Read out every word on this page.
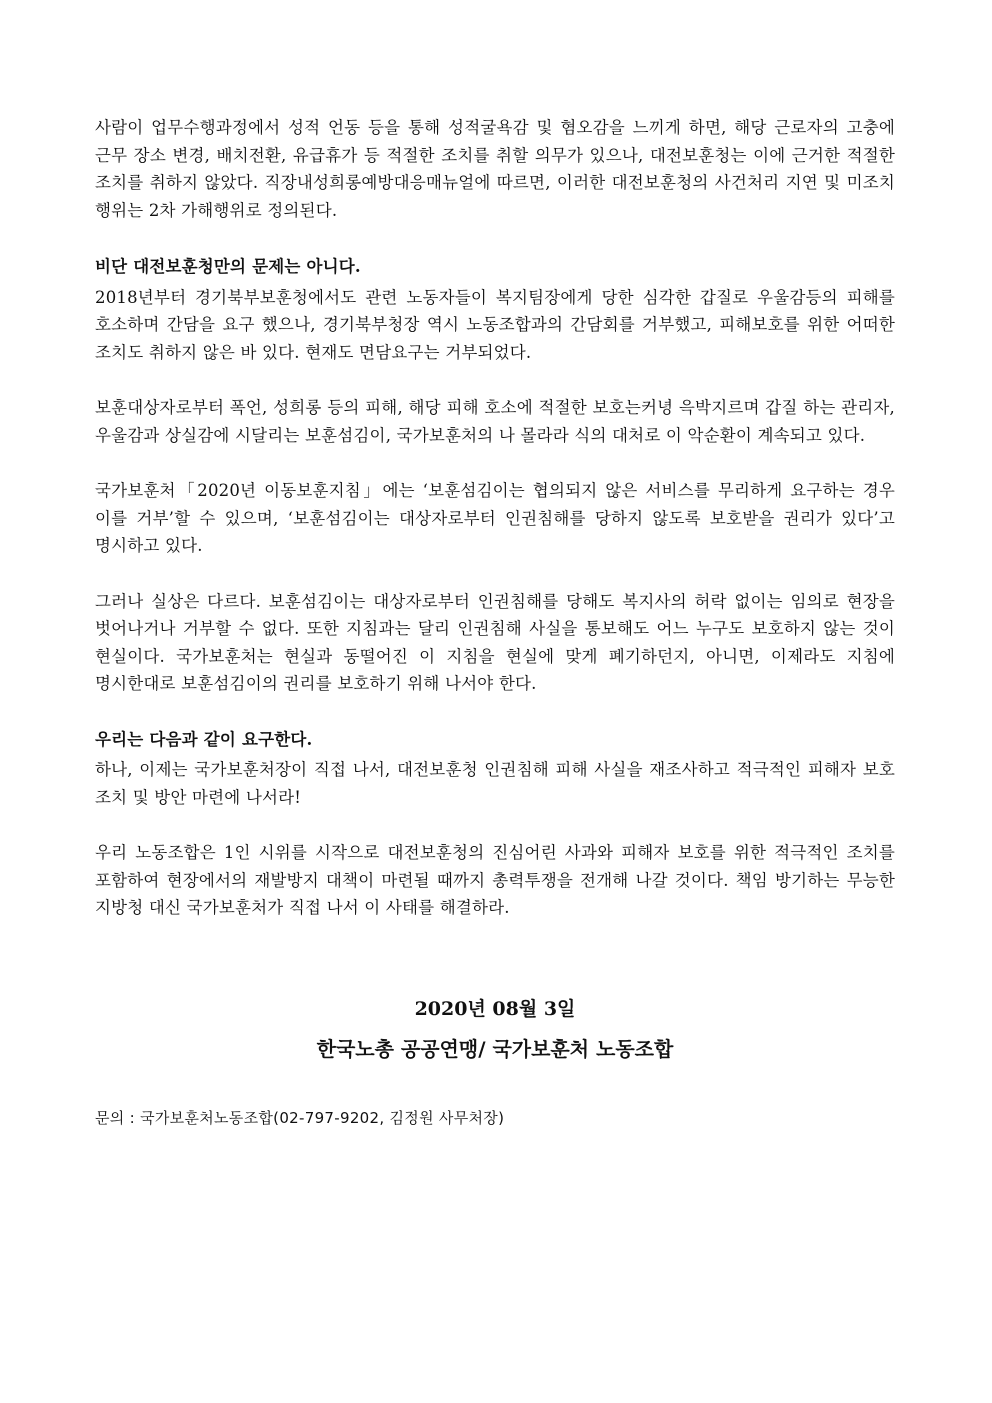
사람이 업무수행과정에서 성적 언동 등을 통해 성적굴욕감 및 혐오감을 느끼게 하면, 해당 근로자의 고충에 근무 장소 변경, 배치전환, 유급휴가 등 적절한 조치를 취할 의무가 있으나, 대전보훈청는 이에 근거한 적절한 조치를 취하지 않았다. 직장내성희롱예방대응매뉴얼에 따르면, 이러한 대전보훈청의 사건처리 지연 및 미조치 행위는 2차 가해행위로 정의된다.

비단 대전보훈청만의 문제는 아니다.

2018년부터 경기북부보훈청에서도 관련 노동자들이 복지팀장에게 당한 심각한 갑질로 우울감등의 피해를 호소하며 간담을 요구 했으나, 경기북부청장 역시 노동조합과의 간담회를 거부했고, 피해보호를 위한 어떠한 조치도 취하지 않은 바 있다. 현재도 면담요구는 거부되었다.

보훈대상자로부터 폭언, 성희롱 등의 피해, 해당 피해 호소에 적절한 보호는커녕 윽박지르며 갑질 하는 관리자, 우울감과 상실감에 시달리는 보훈섬김이, 국가보훈처의 나 몰라라 식의 대처로 이 악순환이 계속되고 있다.

국가보훈처「2020년 이동보훈지침」에는 ‘보훈섬김이는 협의되지 않은 서비스를 무리하게 요구하는 경우 이를 거부’할 수 있으며, ‘보훈섬김이는 대상자로부터 인권침해를 당하지 않도록 보호받을 권리가 있다’고 명시하고 있다.

그러나 실상은 다르다. 보훈섬김이는 대상자로부터 인권침해를 당해도 복지사의 허락 없이는 임의로 현장을 벗어나거나 거부할 수 없다. 또한 지침과는 달리 인권침해 사실을 통보해도 어느 누구도 보호하지 않는 것이 현실이다. 국가보훈처는 현실과 동떨어진 이 지침을 현실에 맞게 폐기하던지, 아니면, 이제라도 지침에 명시한대로 보훈섬김이의 권리를 보호하기 위해 나서야 한다.

우리는 다음과 같이 요구한다.

하나, 이제는 국가보훈처장이 직접 나서, 대전보훈청 인권침해 피해 사실을 재조사하고 적극적인 피해자 보호 조치 및 방안 마련에 나서라!

우리 노동조합은 1인 시위를 시작으로 대전보훈청의 진심어린 사과와 피해자 보호를 위한 적극적인 조치를 포함하여 현장에서의 재발방지 대책이 마련될 때까지 총력투쟁을 전개해 나갈 것이다. 책임 방기하는 무능한 지방청 대신 국가보훈처가 직접 나서 이 사태를 해결하라.

2020년 08월 3일

한국노총 공공연맹/ 국가보훈처 노동조합

문의 : 국가보훈처노동조합(02-797-9202, 김정원 사무처장)
